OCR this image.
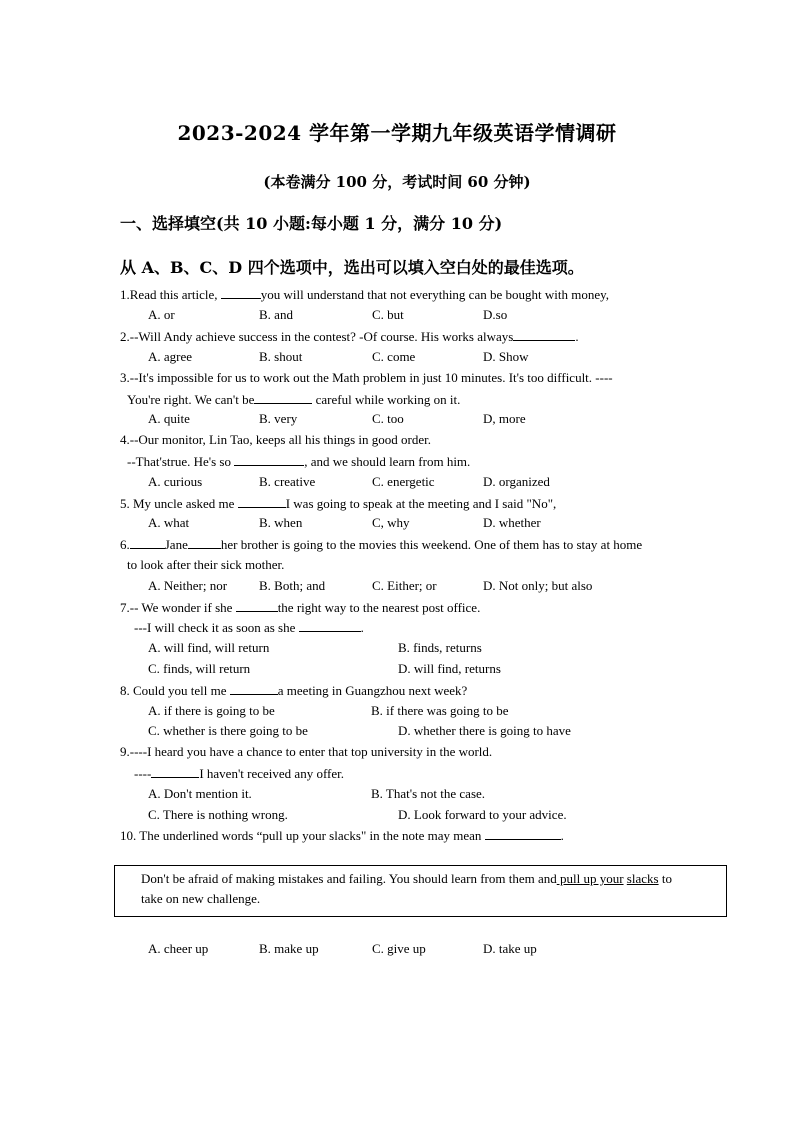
2023-2024 学年第一学期九年级英语学情调研
(本卷满分 100 分，考试时间 60 分钟)
一、选择填空(共 10 小题:每小题 1 分，满分 10 分)
从 A、B、C、D 四个选项中，选出可以填入空白处的最佳选项。
1.Read this article,	you will understand that not everything can be bought with money,
A. or	B. and	C. but	D.so
2.--Will Andy achieve success in the contest? -Of course. His works always	.
A. agree	B. shout	C. come	D. Show
3.--It's impossible for us to work out the Math problem in just 10 minutes. It's too difficult. ----
You're right. We can't be	careful while working on it.
A. quite	B. very	C. too	D, more
4.--Our monitor, Lin Tao, keeps all his things in good order.
--That'strue. He's so	, and we should learn from him.
A. curious	B. creative	C. energetic	D. organized
5. My uncle asked me	I was going to speak at the meeting and I said "No",
A. what	B. when	C, why	D. whether
6.	Jane	her brother is going to the movies this weekend. One of them has to stay at home
to look after their sick mother.
A. Neither; nor B. Both; and	C. Either; or	D. Not only; but also
7.-- We wonder if she	the right way to the nearest post office.
---I will check it as soon as she	.
A. will find, will return	B. finds, returns
C. finds, will return	D. will find, returns
8. Could you tell me	a meeting in Guangzhou next week?
A. if there is going to be	B. if there was going to be
C. whether is there going to be	D. whether there is going to have
9.----I heard you have a chance to enter that top university in the world.
----	I haven't received any offer.
A. Don't mention it.	B. That's not the case.
C. There is nothing wrong.	D. Look forward to your advice.
10. The underlined words “pull up your slacks" in the note may mean	.
Don't be afraid of making mistakes and failing. You should learn from them and pull up your slacks to
take on new challenge.
A. cheer up	B. make up	C. give up	D. take up
